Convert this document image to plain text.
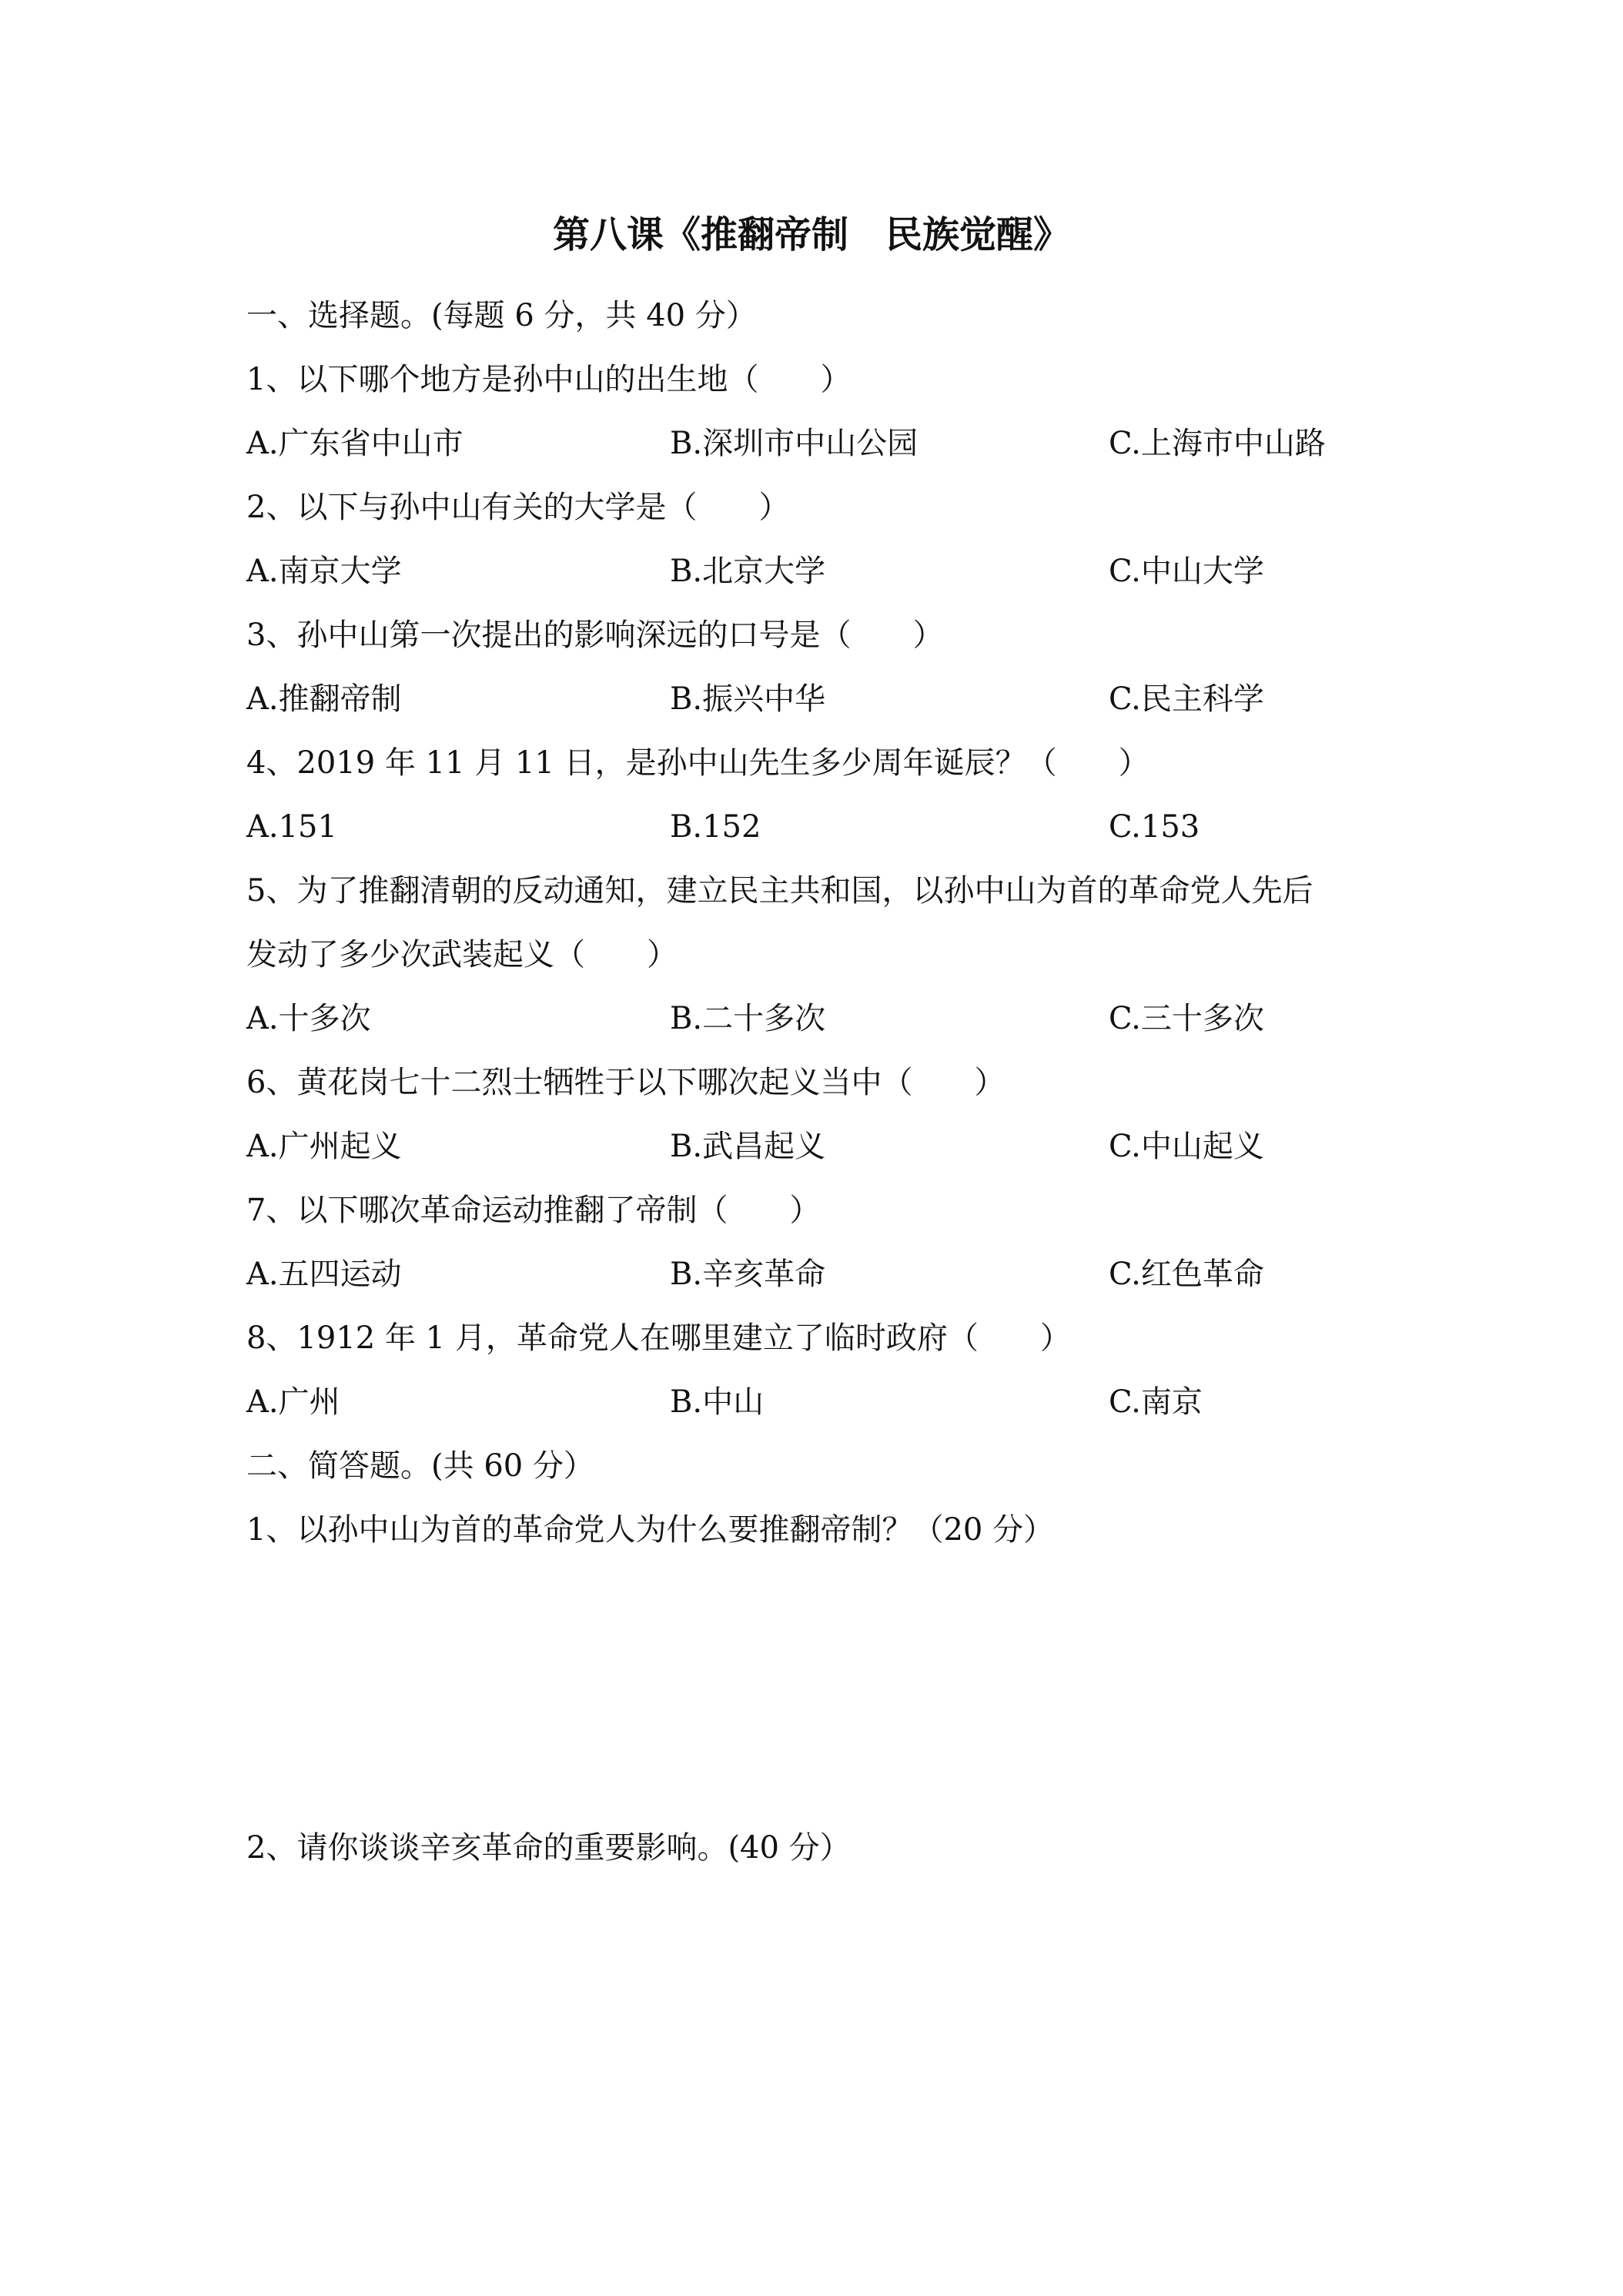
第八课《推翻帝制　民族觉醒》
一、选择题。(每题 6 分，共 40 分）
1、以下哪个地方是孙中山的出生地（　　）
A.广东省中山市	B.深圳市中山公园	C.上海市中山路
2、以下与孙中山有关的大学是（　　）
A.南京大学	B.北京大学	C.中山大学
3、孙中山第一次提出的影响深远的口号是（　　）
A.推翻帝制	B.振兴中华	C.民主科学
4、2019 年 11 月 11 日，是孙中山先生多少周年诞辰？（　　）
A.151	B.152	C.153
5、为了推翻清朝的反动通知，建立民主共和国，以孙中山为首的革命党人先后
发动了多少次武装起义（　　）
A.十多次	B.二十多次	C.三十多次
6、黄花岗七十二烈士牺牲于以下哪次起义当中（　　）
A.广州起义	B.武昌起义	C.中山起义
7、以下哪次革命运动推翻了帝制（　　）
A.五四运动	B.辛亥革命	C.红色革命
8、1912 年 1 月，革命党人在哪里建立了临时政府（　　）
A.广州	B.中山	C.南京
二、简答题。(共 60 分）
1、以孙中山为首的革命党人为什么要推翻帝制？（20 分）
2、请你谈谈辛亥革命的重要影响。(40 分）
